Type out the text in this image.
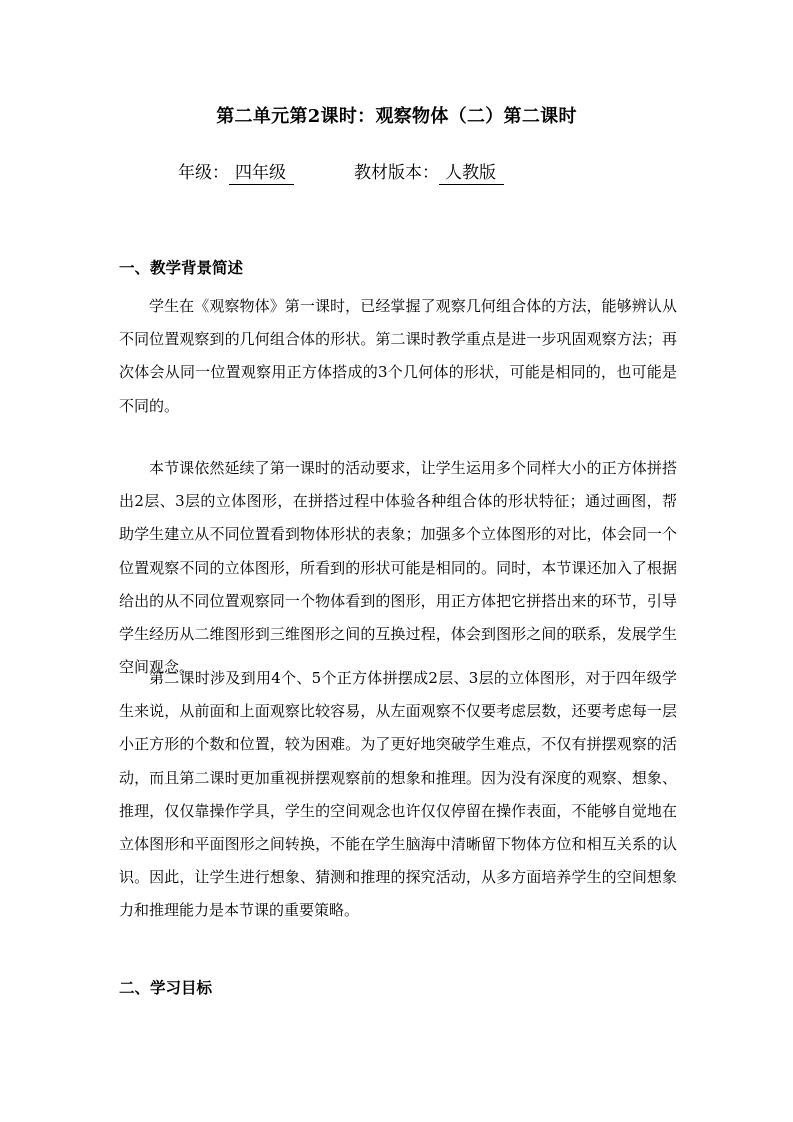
第二单元第2课时：观察物体（二）第二课时
年级： 四年级	教材版本： 人教版
一、教学背景简述

学生在《观察物体》第一课时，已经掌握了观察几何组合体的方法，能够辨认从不同位置观察到的几何组合体的形状。第二课时教学重点是进一步巩固观察方法；再次体会从同一位置观察用正方体搭成的3个几何体的形状，可能是相同的，也可能是不同的。

本节课依然延续了第一课时的活动要求，让学生运用多个同样大小的正方体拼搭出2层、3层的立体图形，在拼搭过程中体验各种组合体的形状特征；通过画图，帮助学生建立从不同位置看到物体形状的表象；加强多个立体图形的对比，体会同一个位置观察不同的立体图形，所看到的形状可能是相同的。同时，本节课还加入了根据给出的从不同位置观察同一个物体看到的图形，用正方体把它拼搭出来的环节，引导学生经历从二维图形到三维图形之间的互换过程，体会到图形之间的联系，发展学生空间观念。

第二课时涉及到用4个、5个正方体拼摆成2层、3层的立体图形，对于四年级学生来说，从前面和上面观察比较容易，从左面观察不仅要考虑层数，还要考虑每一层小正方形的个数和位置，较为困难。为了更好地突破学生难点，不仅有拼摆观察的活动，而且第二课时更加重视拼摆观察前的想象和推理。因为没有深度的观察、想象、推理，仅仅靠操作学具，学生的空间观念也许仅仅停留在操作表面，不能够自觉地在立体图形和平面图形之间转换，不能在学生脑海中清晰留下物体方位和相互关系的认识。因此，让学生进行想象、猜测和推理的探究活动，从多方面培养学生的空间想象力和推理能力是本节课的重要策略。

二、学习目标
